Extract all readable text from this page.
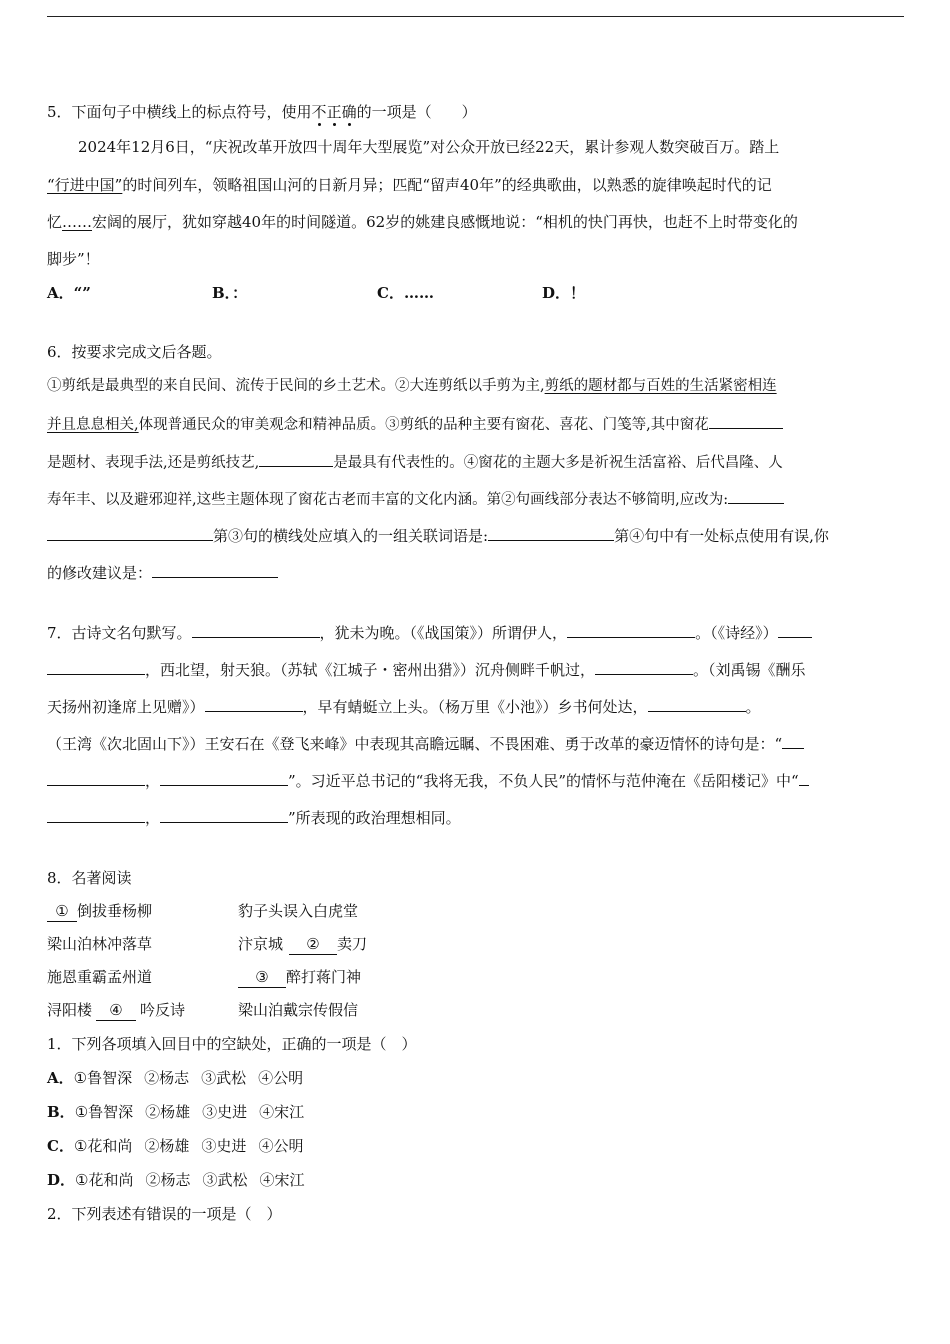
5．下面句子中横线上的标点符号，使用不正确的一项是（　　）
2024年12月6日，“庆祝改革开放四十周年大型展览”对公众开放已经22天，累计参观人数突破百万。踏上
“行进中国”的时间列车，领略祖国山河的日新月异；匹配“留声40年”的经典歌曲，以熟悉的旋律唤起时代的记
忆……宏阔的展厅，犹如穿越40年的时间隧道。62岁的姚建良感慨地说：“相机的快门再快，也赶不上时带变化的
脚步”！
A．“”	B．：	C．……	D．！
6．按要求完成文后各题。
①剪纸是最典型的来自民间、流传于民间的乡土艺术。②大连剪纸以手剪为主,剪纸的题材都与百姓的生活紧密相连
并且息息相关,体现普通民众的审美观念和精神品质。③剪纸的品种主要有窗花、喜花、门笺等,其中窗花
是题材、表现手法,还是剪纸技艺,	是最具有代表性的。④窗花的主题大多是祈祝生活富裕、后代昌隆、人
寿年丰、以及避邪迎祥,这些主题体现了窗花古老而丰富的文化内涵。第②句画线部分表达不够简明,应改为:
第③句的横线处应填入的一组关联词语是:	第④句中有一处标点使用有误,你
的修改建议是：
7．古诗文名句默写。	，犹未为晚。（《战国策》）所谓伊人，	。（《诗经》）
，西北望，射天狼。（苏轼《江城子・密州出猎》）沉舟侧畔千帆过，	。（刘禹锡《酬乐
天扬州初逢席上见赠》）	，早有蜻蜓立上头。（杨万里《小池》）乡书何处达，	。
（王湾《次北固山下》）王安石在《登飞来峰》中表现其高瞻远瞩、不畏困难、勇于改革的豪迈情怀的诗句是：“
，	”。习近平总书记的“我将无我，不负人民”的情怀与范仲淹在《岳阳楼记》中“
，	”所表现的政治理想相同。
8．名著阅读
① 倒拔垂杨柳	豹子头误入白虎堂
梁山泊林冲落草	汴京城 ② 卖刀
施恩重霸孟州道	③ 醉打蒋门神
浔阳楼 ④ 吟反诗	梁山泊戴宗传假信
1．下列各项填入回目中的空缺处，正确的一项是（　）
A．①鲁智深 ②杨志 ③武松 ④公明
B．①鲁智深 ②杨雄 ③史进 ④宋江
C．①花和尚 ②杨雄 ③史进 ④公明
D．①花和尚 ②杨志 ③武松 ④宋江
2．下列表述有错误的一项是（　）
